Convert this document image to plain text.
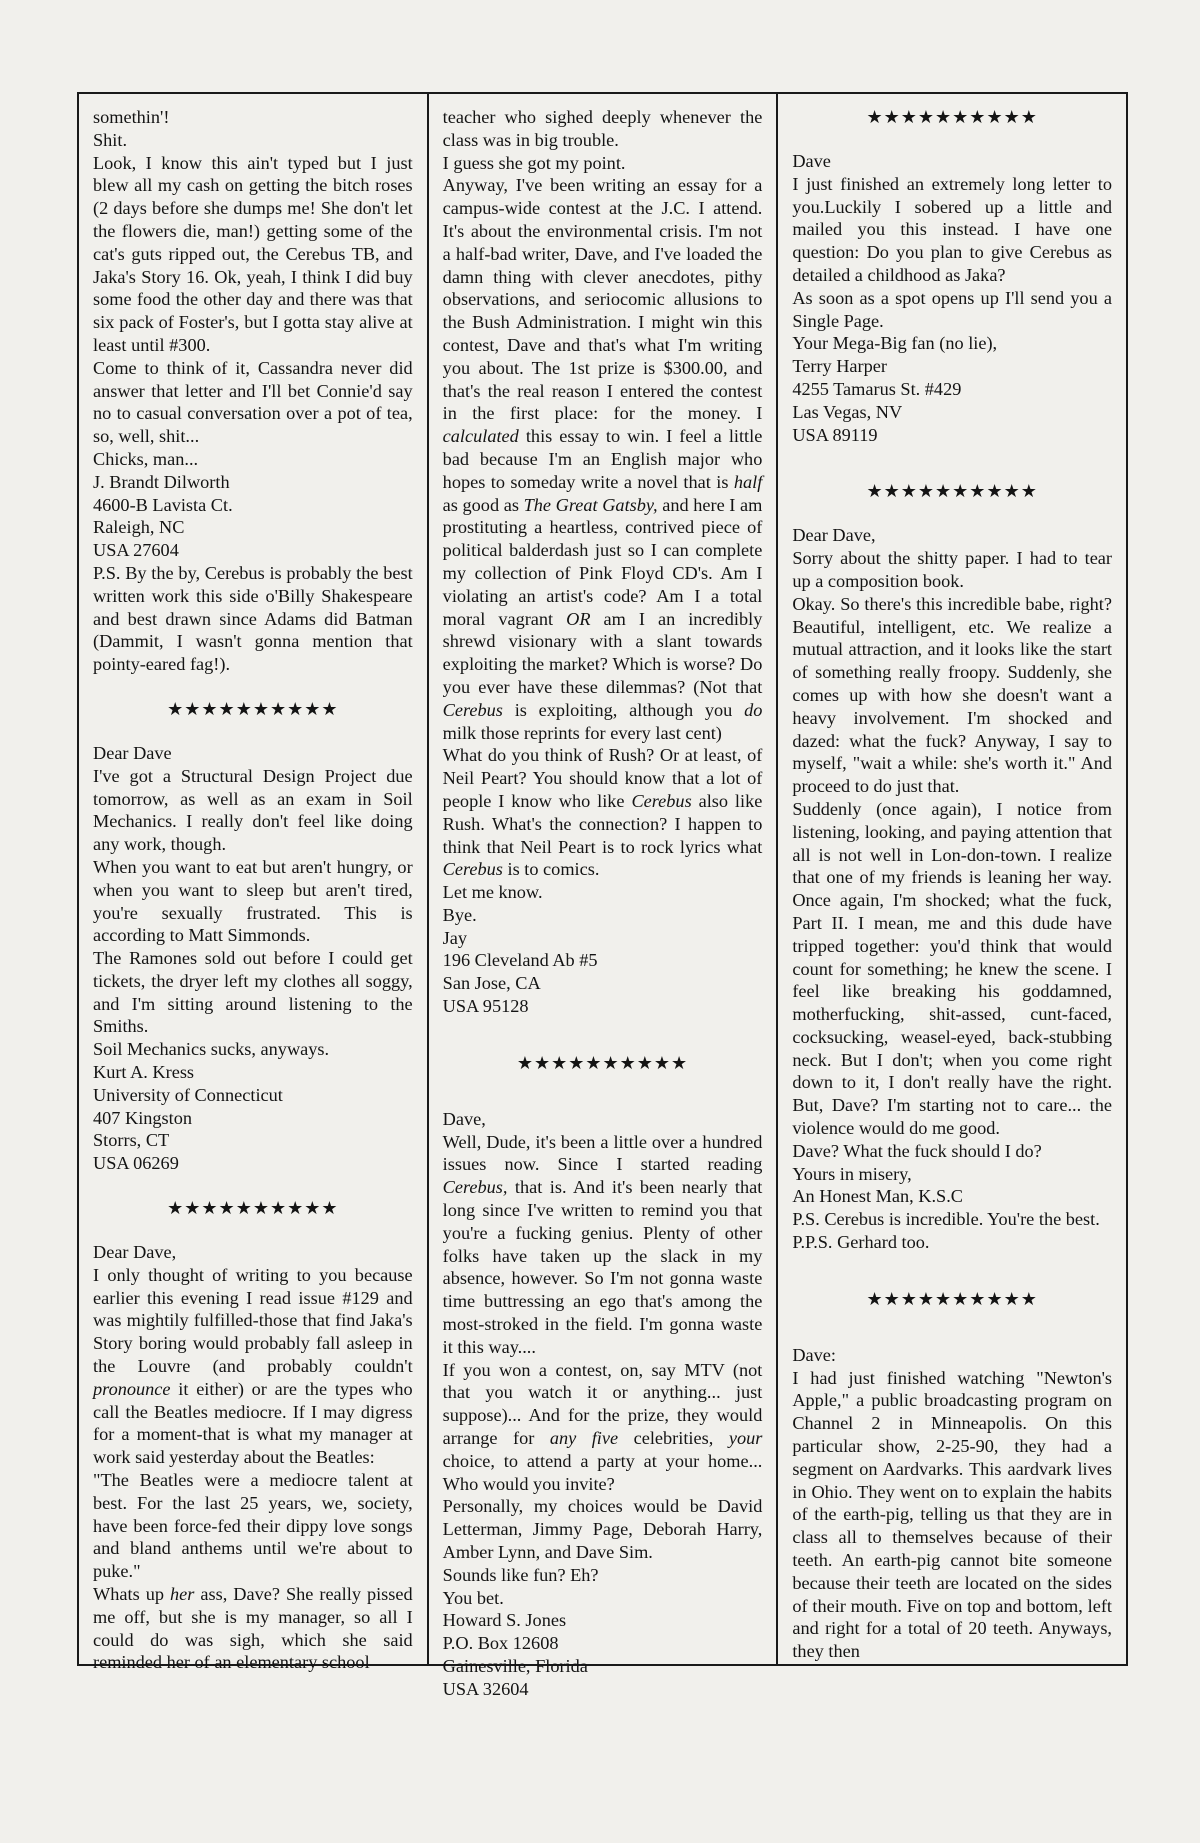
somethin'!

Shit.

Look, I know this ain't typed but I just blew all my cash on getting the bitch roses (2 days before she dumps me! She don't let the flowers die, man!) getting some of the cat's guts ripped out, the Cerebus TB, and Jaka's Story 16. Ok, yeah, I think I did buy some food the other day and there was that six pack of Foster's, but I gotta stay alive at least until #300.

Come to think of it, Cassandra never did answer that letter and I'll bet Connie'd say no to casual conversation over a pot of tea, so, well, shit...

Chicks, man...

J. Brandt Dilworth

4600-B Lavista Ct.

Raleigh, NC

USA 27604

P.S. By the by, Cerebus is probably the best written work this side o'Billy Shakespeare and best drawn since Adams did Batman (Dammit, I wasn't gonna mention that pointy-eared fag!).

★★★★★★★★★★

Dear Dave

I've got a Structural Design Project due tomorrow, as well as an exam in Soil Mechanics. I really don't feel like doing any work, though.

When you want to eat but aren't hungry, or when you want to sleep but aren't tired, you're sexually frustrated. This is according to Matt Simmonds.

The Ramones sold out before I could get tickets, the dryer left my clothes all soggy, and I'm sitting around listening to the Smiths.

Soil Mechanics sucks, anyways.

Kurt A. Kress

University of Connecticut

407 Kingston

Storrs, CT

USA 06269

★★★★★★★★★★

Dear Dave,

I only thought of writing to you because earlier this evening I read issue #129 and was mightily fulfilled-those that find Jaka's Story boring would probably fall asleep in the Louvre (and probably couldn't pronounce it either) or are the types who call the Beatles mediocre. If I may digress for a moment-that is what my manager at work said yesterday about the Beatles:

"The Beatles were a mediocre talent at best. For the last 25 years, we, society, have been force-fed their dippy love songs and bland anthems until we're about to puke."

Whats up her ass, Dave? She really pissed me off, but she is my manager, so all I could do was sigh, which she said reminded her of an elementary school

teacher who sighed deeply whenever the class was in big trouble.

I guess she got my point.

Anyway, I've been writing an essay for a campus-wide contest at the J.C. I attend. It's about the environmental crisis. I'm not a half-bad writer, Dave, and I've loaded the damn thing with clever anecdotes, pithy observations, and seriocomic allusions to the Bush Administration. I might win this contest, Dave and that's what I'm writing you about. The 1st prize is $300.00, and that's the real reason I entered the contest in the first place: for the money. I calculated this essay to win. I feel a little bad because I'm an English major who hopes to someday write a novel that is half as good as The Great Gatsby, and here I am prostituting a heartless, contrived piece of political balderdash just so I can complete my collection of Pink Floyd CD's. Am I violating an artist's code? Am I a total moral vagrant OR am I an incredibly shrewd visionary with a slant towards exploiting the market? Which is worse? Do you ever have these dilemmas? (Not that Cerebus is exploiting, although you do milk those reprints for every last cent)

What do you think of Rush? Or at least, of Neil Peart? You should know that a lot of people I know who like Cerebus also like Rush. What's the connection? I happen to think that Neil Peart is to rock lyrics what Cerebus is to comics.

Let me know.

Bye.

Jay

196 Cleveland Ab #5

San Jose, CA

USA 95128

★★★★★★★★★★

Dave,

Well, Dude, it's been a little over a hundred issues now. Since I started reading Cerebus, that is. And it's been nearly that long since I've written to remind you that you're a fucking genius. Plenty of other folks have taken up the slack in my absence, however. So I'm not gonna waste time buttressing an ego that's among the most-stroked in the field. I'm gonna waste it this way....

If you won a contest, on, say MTV (not that you watch it or anything... just suppose)... And for the prize, they would arrange for any five celebrities, your choice, to attend a party at your home... Who would you invite?

Personally, my choices would be David Letterman, Jimmy Page, Deborah Harry, Amber Lynn, and Dave Sim.

Sounds like fun? Eh?

You bet.

Howard S. Jones

P.O. Box 12608

Gainesville, Florida

USA 32604

★★★★★★★★★★

Dave

I just finished an extremely long letter to you.Luckily I sobered up a little and mailed you this instead. I have one question: Do you plan to give Cerebus as detailed a childhood as Jaka?

As soon as a spot opens up I'll send you a Single Page.

Your Mega-Big fan (no lie),

Terry Harper

4255 Tamarus St. #429

Las Vegas, NV

USA 89119

★★★★★★★★★★

Dear Dave,

Sorry about the shitty paper. I had to tear up a composition book.

Okay. So there's this incredible babe, right? Beautiful, intelligent, etc. We realize a mutual attraction, and it looks like the start of something really froopy. Suddenly, she comes up with how she doesn't want a heavy involvement. I'm shocked and dazed: what the fuck? Anyway, I say to myself, "wait a while: she's worth it." And proceed to do just that.

Suddenly (once again), I notice from listening, looking, and paying attention that all is not well in Lon-don-town. I realize that one of my friends is leaning her way. Once again, I'm shocked; what the fuck, Part II. I mean, me and this dude have tripped together: you'd think that would count for something; he knew the scene. I feel like breaking his goddamned, motherfucking, shit-assed, cunt-faced, cocksucking, weasel-eyed, back-stubbing neck. But I don't; when you come right down to it, I don't really have the right. But, Dave? I'm starting not to care... the violence would do me good.

Dave? What the fuck should I do?

Yours in misery,

An Honest Man, K.S.C

P.S. Cerebus is incredible. You're the best.

P.P.S. Gerhard too.

★★★★★★★★★★

Dave:

I had just finished watching "Newton's Apple," a public broadcasting program on Channel 2 in Minneapolis. On this particular show, 2-25-90, they had a segment on Aardvarks. This aardvark lives in Ohio. They went on to explain the habits of the earth-pig, telling us that they are in class all to themselves because of their teeth. An earth-pig cannot bite someone because their teeth are located on the sides of their mouth. Five on top and bottom, left and right for a total of 20 teeth. Anyways, they then
